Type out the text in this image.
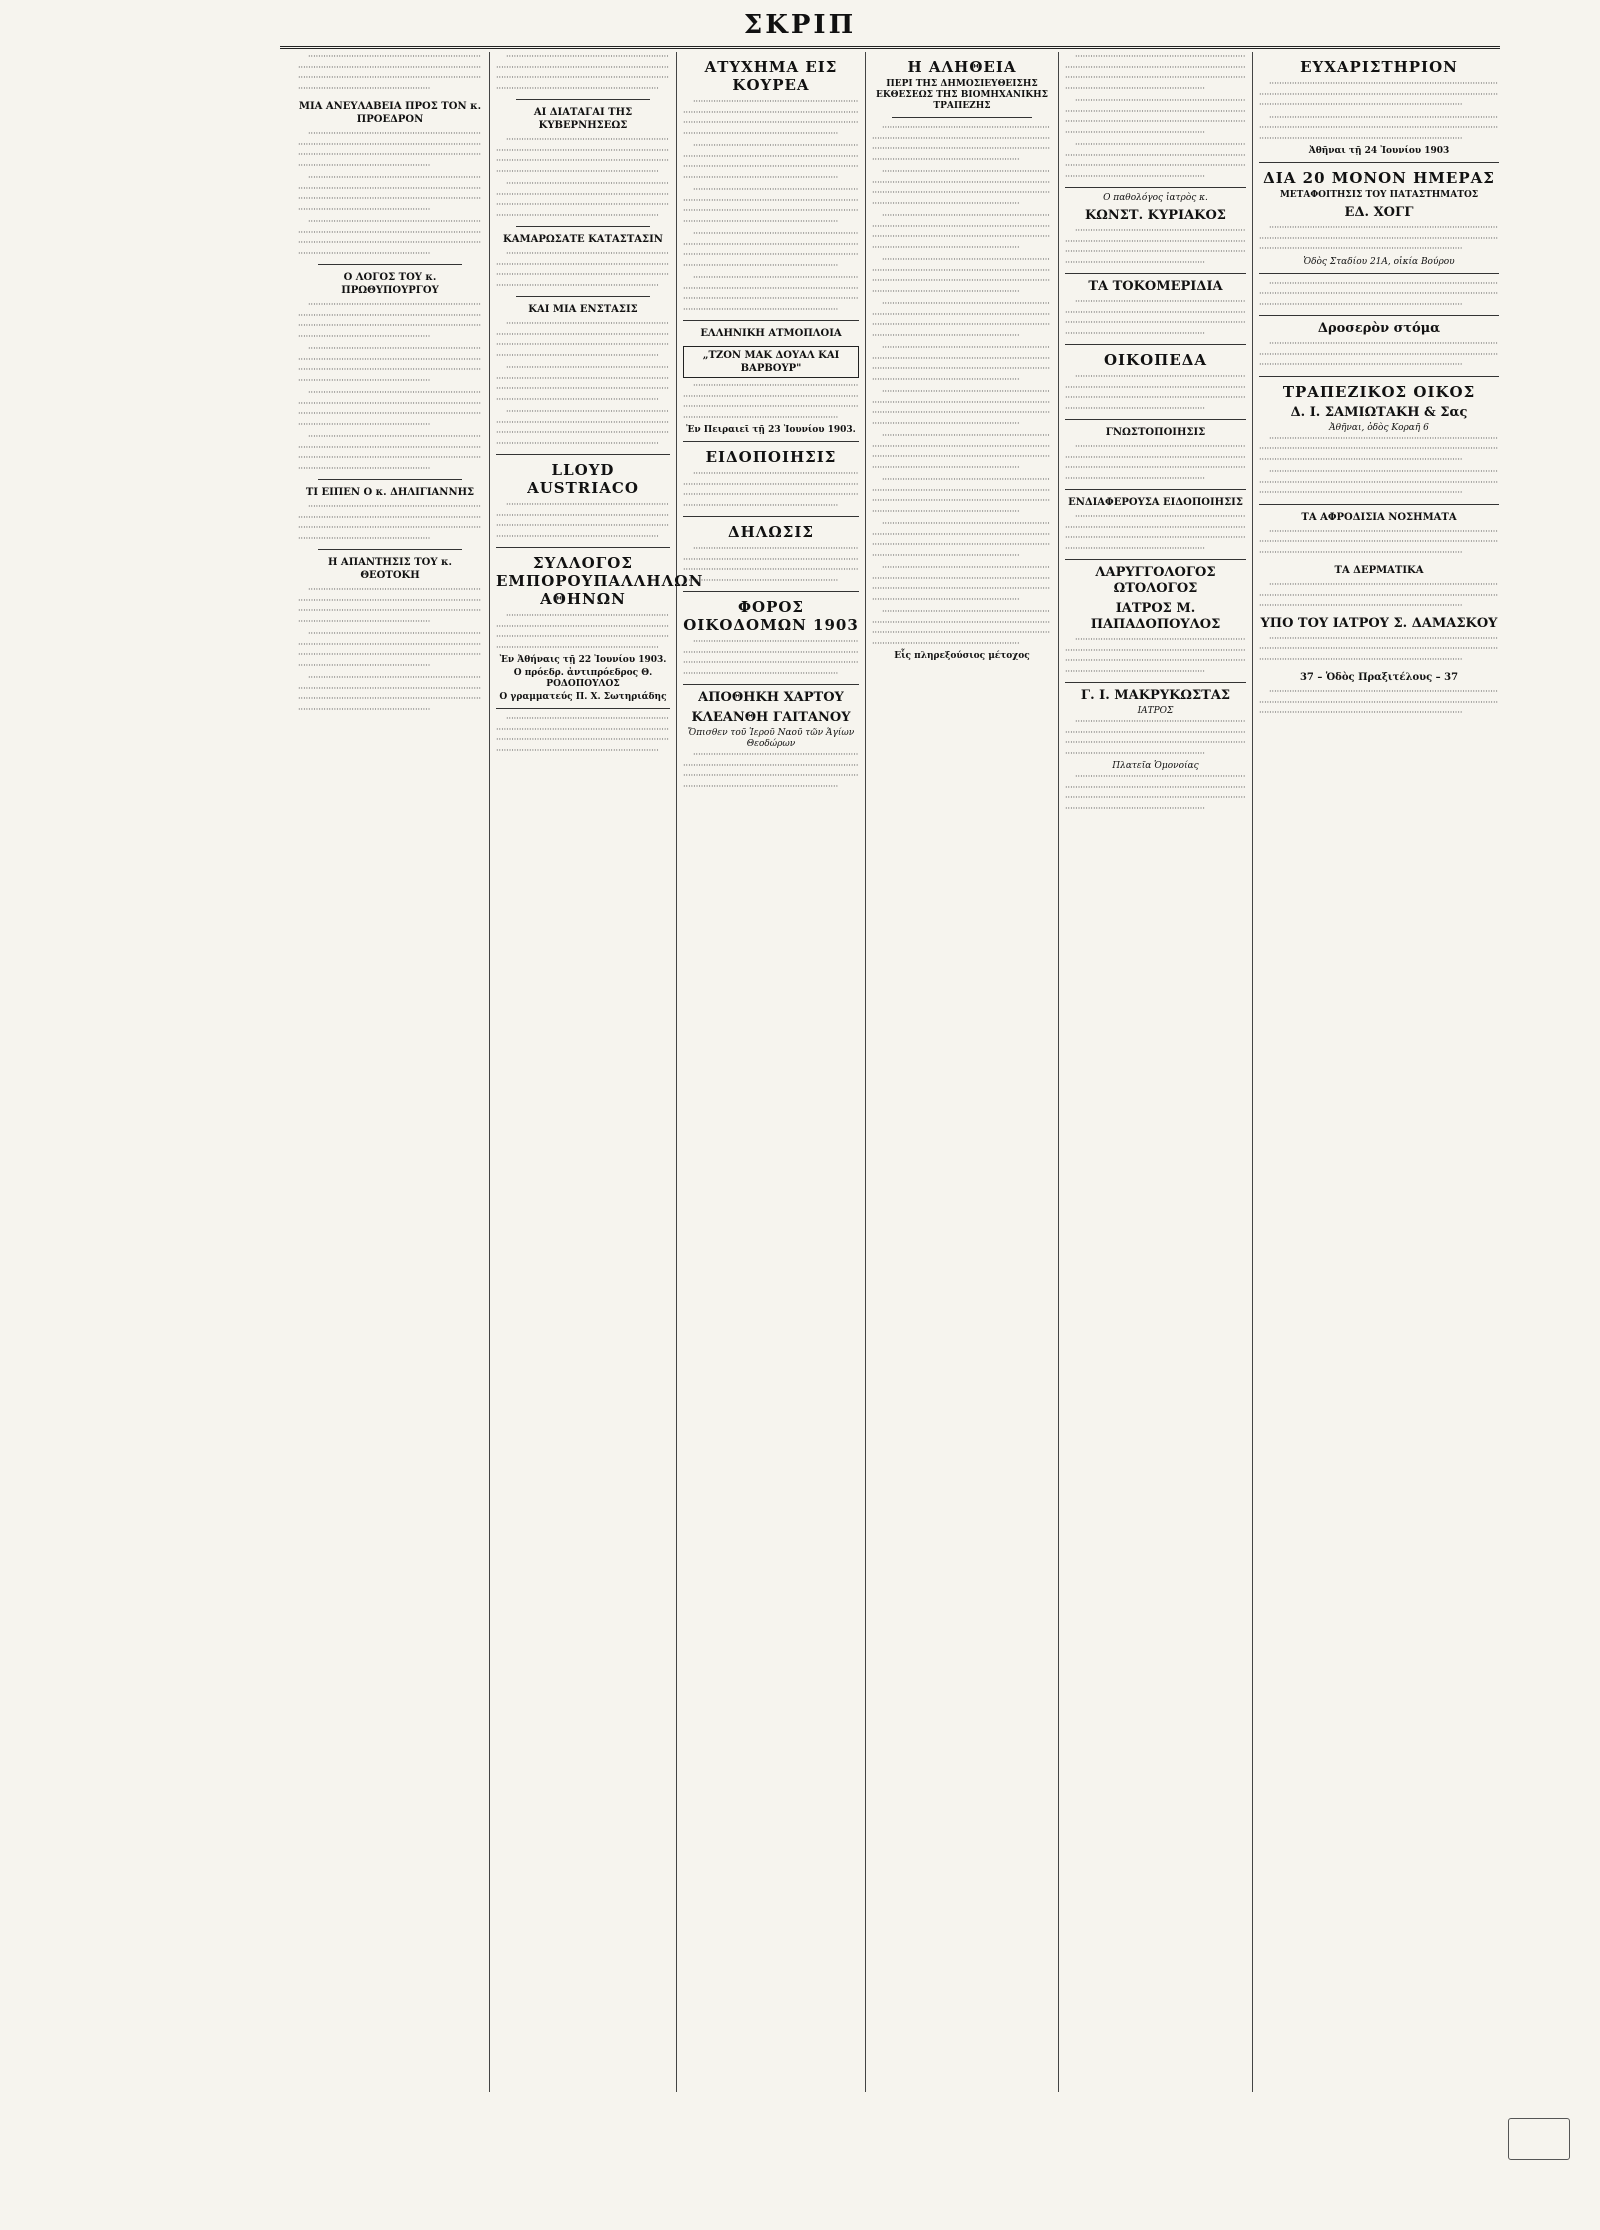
ΣΚΡΙΠ

········································································································································································································································································

ΜΙΑ ΑΝΕΥΛΑΒΕΙΑ ΠΡΟΣ ΤΟΝ κ. ΠΡΟΕΔΡΟΝ

········································································································································································································································································

········································································································································································································································································

········································································································································································································································································

Ο ΛΟΓΟΣ ΤΟΥ κ. ΠΡΩΘΥΠΟΥΡΓΟΥ

········································································································································································································································································

········································································································································································································································································

········································································································································································································································································

········································································································································································································································································

ΤΙ ΕΙΠΕΝ Ο κ. ΔΗΛΙΓΙΑΝΝΗΣ

········································································································································································································································································

Η ΑΠΑΝΤΗΣΙΣ ΤΟΥ κ. ΘΕΟΤΟΚΗ

········································································································································································································································································

········································································································································································································································································

········································································································································································································································································

········································································································································································································································································

ΑΙ ΔΙΑΤΑΓΑΙ ΤΗΣ ΚΥΒΕΡΝΗΣΕΩΣ

········································································································································································································································································

········································································································································································································································································

ΚΑΜΑΡΩΣΑΤΕ ΚΑΤΑΣΤΑΣΙΝ

········································································································································································································································································

ΚΑΙ ΜΙΑ ΕΝΣΤΑΣΙΣ

········································································································································································································································································

········································································································································································································································································

········································································································································································································································································

LLOYD AUSTRIACO

········································································································································································································································································

ΣΥΛΛΟΓΟΣ ΕΜΠΟΡΟΥΠΑΛΛΗΛΩΝ ΑΘΗΝΩΝ

········································································································································································································································································

Ἐν Ἀθήναις τῇ 22 Ἰουνίου 1903.
Ο πρόεδρ. ἀντιπρόεδρος Θ. ΡΟΔΟΠΟΥΛΟΣ
Ο γραμματεύς Π. Χ. Σωτηριάδης

········································································································································································································································································

ΑΤΥΧΗΜΑ ΕΙΣ ΚΟΥΡΕΑ

········································································································································································································································································

········································································································································································································································································

········································································································································································································································································

········································································································································································································································································

········································································································································································································································································

ΕΛΛΗΝΙΚΗ ΑΤΜΟΠΛΟΙΑ
„ΤΖΟΝ ΜΑΚ ΔΟΥΑΛ ΚΑΙ ΒΑΡΒΟΥΡ"

········································································································································································································································································

Ἐν Πειραιεῖ τῇ 23 Ἰουνίου 1903.
ΕΙΔΟΠΟΙΗΣΙΣ

········································································································································································································································································

ΔΗΛΩΣΙΣ

········································································································································································································································································

ΦΟΡΟΣ ΟΙΚΟΔΟΜΩΝ 1903

········································································································································································································································································

ΑΠΟΘΗΚΗ ΧΑΡΤΟΥ
ΚΛΕΑΝΘΗ ΓΑΙΤΑΝΟΥ
Ὄπισθεν τοῦ Ἱεροῦ Ναοῦ τῶν Ἁγίων Θεοδώρων

········································································································································································································································································

Η ΑΛΗΘΕΙΑ
ΠΕΡΙ ΤΗΣ ΔΗΜΟΣΙΕΥΘΕΙΣΗΣ ΕΚΘΕΣΕΩΣ ΤΗΣ ΒΙΟΜΗΧΑΝΙΚΗΣ ΤΡΑΠΕΖΗΣ

········································································································································································································································································

········································································································································································································································································

········································································································································································································································································

········································································································································································································································································

········································································································································································································································································

········································································································································································································································································

········································································································································································································································································

········································································································································································································································································

········································································································································································································································································

········································································································································································································································································

········································································································································································································································································

········································································································································································································································································

Εἷς πληρεξούσιος μέτοχος

········································································································································································································································································

········································································································································································································································································

········································································································································································································································································

Ο παθολόγος ἰατρὸς κ.
ΚΩΝΣΤ. ΚΥΡΙΑΚΟΣ

········································································································································································································································································

ΤΑ ΤΟΚΟΜΕΡΙΔΙΑ

········································································································································································································································································

ΟΙΚΟΠΕΔΑ

········································································································································································································································································

ΓΝΩΣΤΟΠΟΙΗΣΙΣ

········································································································································································································································································

ΕΝΔΙΑΦΕΡΟΥΣΑ ΕΙΔΟΠΟΙΗΣΙΣ

········································································································································································································································································

ΛΑΡΥΓΓΟΛΟΓΟΣ ΩΤΟΛΟΓΟΣ
ΙΑΤΡΟΣ Μ. ΠΑΠΑΔΟΠΟΥΛΟΣ

········································································································································································································································································

Γ. Ι. ΜΑΚΡΥΚΩΣΤΑΣ
ΙΑΤΡΟΣ

········································································································································································································································································

Πλατεῖα Ὁμονοίας

········································································································································································································································································

ΕΥΧΑΡΙΣΤΗΡΙΟΝ

········································································································································································································································································

········································································································································································································································································

Ἀθῆναι τῇ 24 Ἰουνίου 1903
ΔΙΑ 20 ΜΟΝΟΝ ΗΜΕΡΑΣ
ΜΕΤΑΦΟΙΤΗΣΙΣ ΤΟΥ ΠΑΤΑΣΤΗΜΑΤΟΣ
ΕΔ. ΧΟΓΓ

········································································································································································································································································

Ὁδὸς Σταδίου 21Α, οἰκία Βούρου

········································································································································································································································································

Δροσερὸν στόμα

········································································································································································································································································

ΤΡΑΠΕΖΙΚΟΣ ΟΙΚΟΣ
Δ. Ι. ΣΑΜΙΩΤΑΚΗ & Σας
Ἀθῆναι, ὁδὸς Κοραῆ 6

········································································································································································································································································

········································································································································································································································································

ΤΑ ΑΦΡΟΔΙΣΙΑ ΝΟΣΗΜΑΤΑ

········································································································································································································································································

ΤΑ ΔΕΡΜΑΤΙΚΑ

········································································································································································································································································

ΥΠΟ ΤΟΥ ΙΑΤΡΟΥ Σ. ΔΑΜΑΣΚΟΥ

········································································································································································································································································

37 – Ὁδὸς Πραξιτέλους – 37

········································································································································································································································································
